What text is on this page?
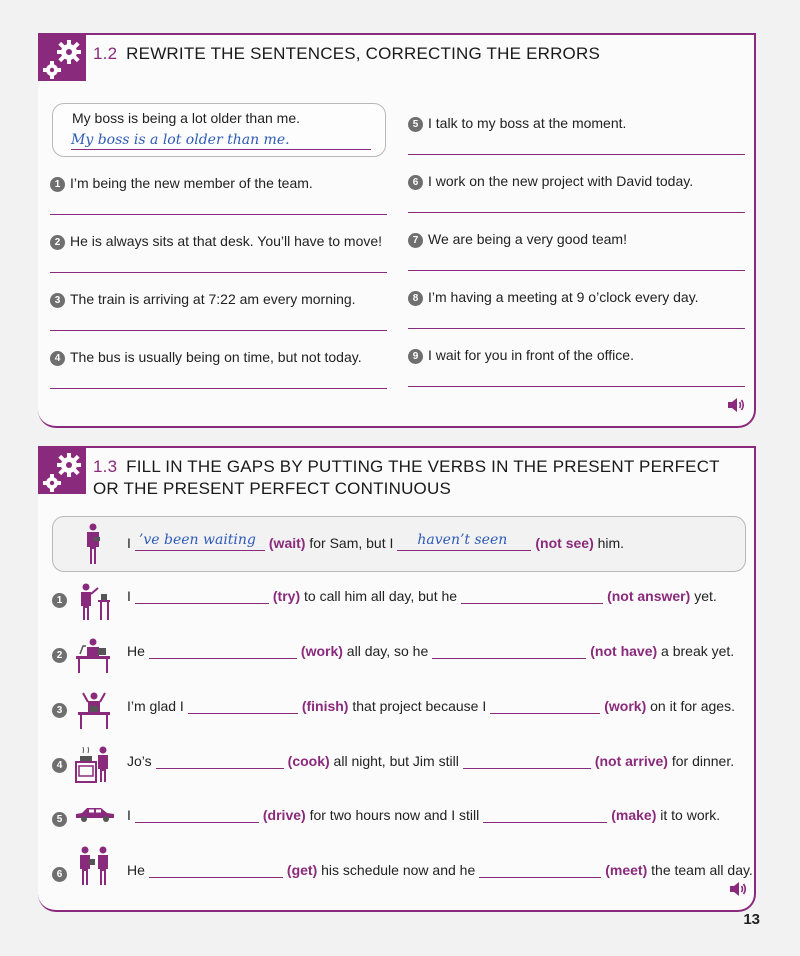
1.2 REWRITE THE SENTENCES, CORRECTING THE ERRORS
My boss is being a lot older than me.
My boss is a lot older than me.
1 I’m being the new member of the team.
2 He is always sits at that desk. You’ll have to move!
3 The train is arriving at 7:22 am every morning.
4 The bus is usually being on time, but not today.
5 I talk to my boss at the moment.
6 I work on the new project with David today.
7 We are being a very good team!
8 I’m having a meeting at 9 o’clock every day.
9 I wait for you in front of the office.
1.3 FILL IN THE GAPS BY PUTTING THE VERBS IN THE PRESENT PERFECT
OR THE PRESENT PERFECT CONTINUOUS
I ’ve been waiting (wait)
for Sam, but I haven’t seen (not see)
him.
1	I	(try)
to call him all day, but he	(not answer)
yet.
2	He	(work)
all day, so he	(not have)
a break yet.
3	I’m glad I	(finish)
that project because I	(work)
on it for ages.
4	Jo’s	(cook)
all night, but Jim still	(not arrive)
for dinner.
5	I	(drive)
for two hours now and I still	(make)
it to work.
6	He	(get)
his schedule now and he	(meet)
the team all day.
13
